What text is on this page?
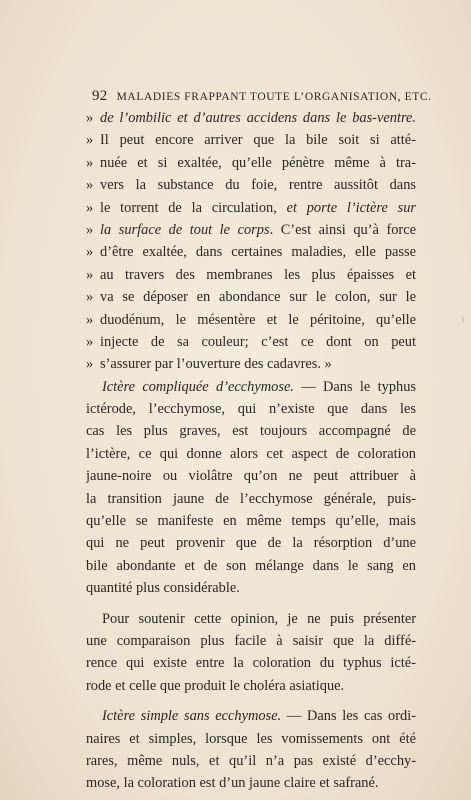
92 MALADIES FRAPPANT TOUTE L’ORGANISATION, ETC.
» de l’ombilic et d’autres accidens dans le bas-ventre.
» Il peut encore arriver que la bile soit si atté-
» nuée et si exaltée, qu’elle pénètre même à tra-
» vers la substance du foie, rentre aussitôt dans
» le torrent de la circulation, et porte l’ictère sur
» la surface de tout le corps. C’est ainsi qu’à force
» d’être exaltée, dans certaines maladies, elle passe
» au travers des membranes les plus épaisses et
» va se déposer en abondance sur le colon, sur le
» duodénum, le mésentère et le péritoine, qu’elle
» injecte de sa couleur; c’est ce dont on peut
» s’assurer par l’ouverture des cadavres. »
Ictère compliquée d’ecchymose. — Dans le typhus
ictérode, l’ecchymose, qui n’existe que dans les
cas les plus graves, est toujours accompagné de
l’ictère, ce qui donne alors cet aspect de coloration
jaune-noire ou violâtre qu’on ne peut attribuer à
la transition jaune de l’ecchymose générale, puis-
qu’elle se manifeste en même temps qu’elle, mais
qui ne peut provenir que de la résorption d’une
bile abondante et de son mélange dans le sang en
quantité plus considérable.
Pour soutenir cette opinion, je ne puis présenter
une comparaison plus facile à saisir que la diffé-
rence qui existe entre la coloration du typhus icté-
rode et celle que produit le choléra asiatique.
Ictère simple sans ecchymose. — Dans les cas ordi-
naires et simples, lorsque les vomissements ont été
rares, même nuls, et qu’il n’a pas existé d’ecchy-
mose, la coloration est d’un jaune claire et safrané.
╷
